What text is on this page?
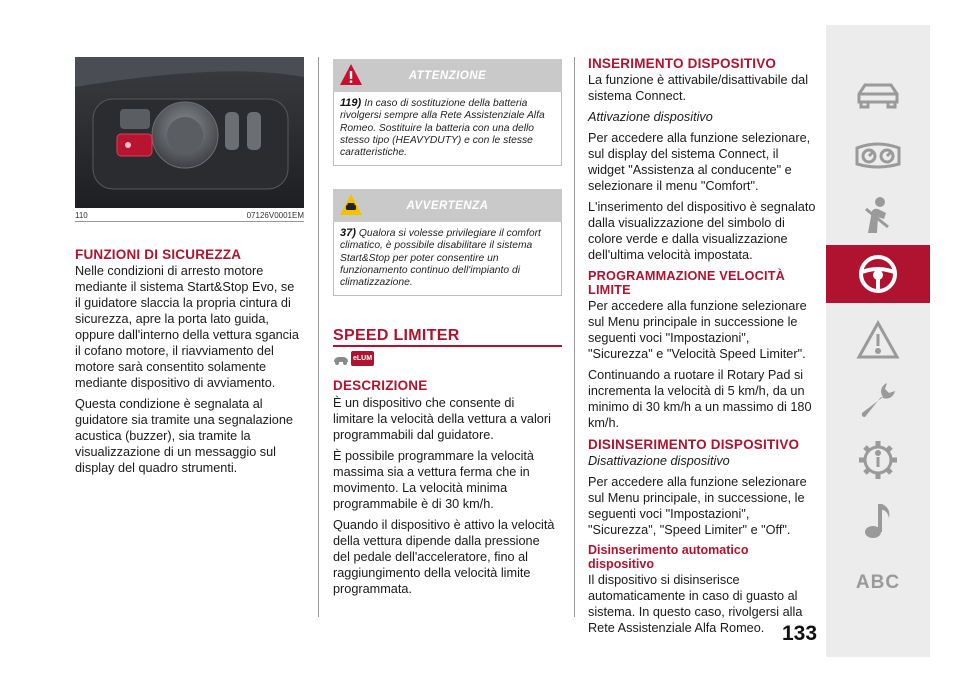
110	07126V0001EM
FUNZIONI DI SICUREZZA

Nelle condizioni di arresto motore mediante il sistema Start&Stop Evo, se il guidatore slaccia la propria cintura di sicurezza, apre la porta lato guida, oppure dall'interno della vettura sgancia il cofano motore, il riavviamento del motore sarà consentito solamente mediante dispositivo di avviamento.

Questa condizione è segnalata al guidatore sia tramite una segnalazione acustica (buzzer), sia tramite la visualizzazione di un messaggio sul display del quadro strumenti.

ATTENZIONE
119) In caso di sostituzione della batteria rivolgersi sempre alla Rete Assistenziale Alfa Romeo. Sostituire la batteria con una dello stesso tipo (HEAVYDUTY) e con le stesse caratteristiche.
AVVERTENZA
37) Qualora si volesse privilegiare il comfort climatico, è possibile disabilitare il sistema Start&Stop per poter consentire un funzionamento continuo dell'impianto di climatizzazione.
SPEED LIMITER
eLUM
DESCRIZIONE

È un dispositivo che consente di limitare la velocità della vettura a valori programmabili dal guidatore.

È possibile programmare la velocità massima sia a vettura ferma che in movimento. La velocità minima programmabile è di 30 km/h.

Quando il dispositivo è attivo la velocità della vettura dipende dalla pressione del pedale dell'acceleratore, fino al raggiungimento della velocità limite programmata.

INSERIMENTO DISPOSITIVO

La funzione è attivabile/disattivabile dal sistema Connect.

Attivazione dispositivo

Per accedere alla funzione selezionare, sul display del sistema Connect, il widget "Assistenza al conducente" e selezionare il menu "Comfort".

L'inserimento del dispositivo è segnalato dalla visualizzazione del simbolo di colore verde e dalla visualizzazione dell'ultima velocità impostata.

PROGRAMMAZIONE VELOCITÀ LIMITE

Per accedere alla funzione selezionare sul Menu principale in successione le seguenti voci "Impostazioni", "Sicurezza" e "Velocità Speed Limiter".

Continuando a ruotare il Rotary Pad si incrementa la velocità di 5 km/h, da un minimo di 30 km/h a un massimo di 180 km/h.

DISINSERIMENTO DISPOSITIVO

Disattivazione dispositivo

Per accedere alla funzione selezionare sul Menu principale, in successione, le seguenti voci "Impostazioni", "Sicurezza", "Speed Limiter" e "Off".

Disinserimento automatico dispositivo

Il dispositivo si disinserisce automaticamente in caso di guasto al sistema. In questo caso, rivolgersi alla Rete Assistenziale Alfa Romeo. 133
ABC
